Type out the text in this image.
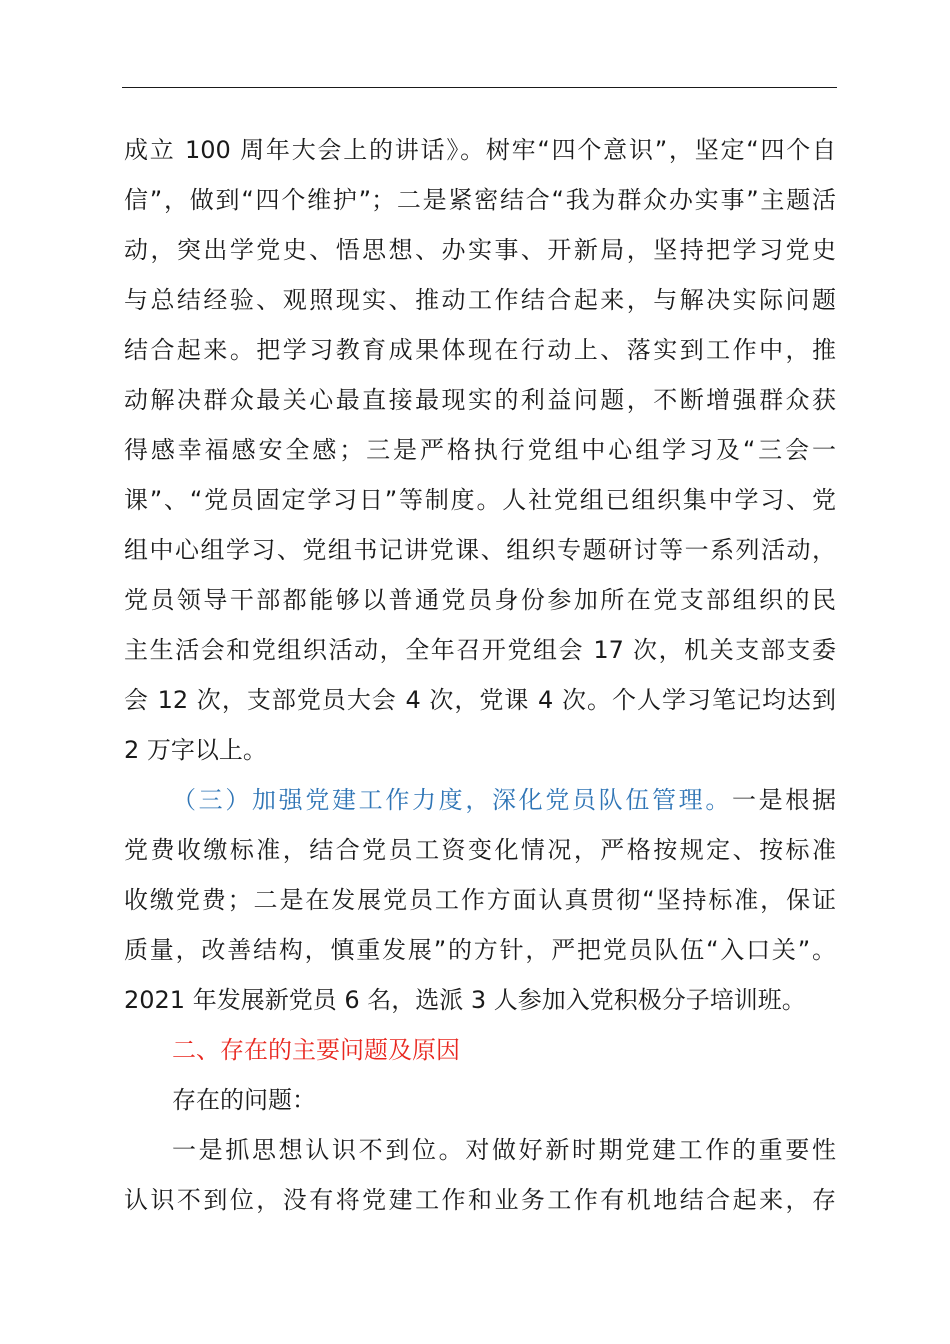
成立 100 周年大会上的讲话》。树牢“四个意识”，坚定“四个自
信”，做到“四个维护”；二是紧密结合“我为群众办实事”主题活
动，突出学党史、悟思想、办实事、开新局，坚持把学习党史
与总结经验、观照现实、推动工作结合起来，与解决实际问题
结合起来。把学习教育成果体现在行动上、落实到工作中，推
动解决群众最关心最直接最现实的利益问题，不断增强群众获
得感幸福感安全感；三是严格执行党组中心组学习及“三会一
课”、“党员固定学习日”等制度。人社党组已组织集中学习、党
组中心组学习、党组书记讲党课、组织专题研讨等一系列活动，
党员领导干部都能够以普通党员身份参加所在党支部组织的民
主生活会和党组织活动，全年召开党组会 17 次，机关支部支委
会 12 次，支部党员大会 4 次，党课 4 次。个人学习笔记均达到
2 万字以上。
（三）加强党建工作力度，深化党员队伍管理。一是根据
党费收缴标准，结合党员工资变化情况，严格按规定、按标准
收缴党费；二是在发展党员工作方面认真贯彻“坚持标准，保证
质量，改善结构，慎重发展”的方针，严把党员队伍“入口关”。
2021 年发展新党员 6 名，选派 3 人参加入党积极分子培训班。
二、存在的主要问题及原因
存在的问题：
一是抓思想认识不到位。对做好新时期党建工作的重要性
认识不到位，没有将党建工作和业务工作有机地结合起来，存
